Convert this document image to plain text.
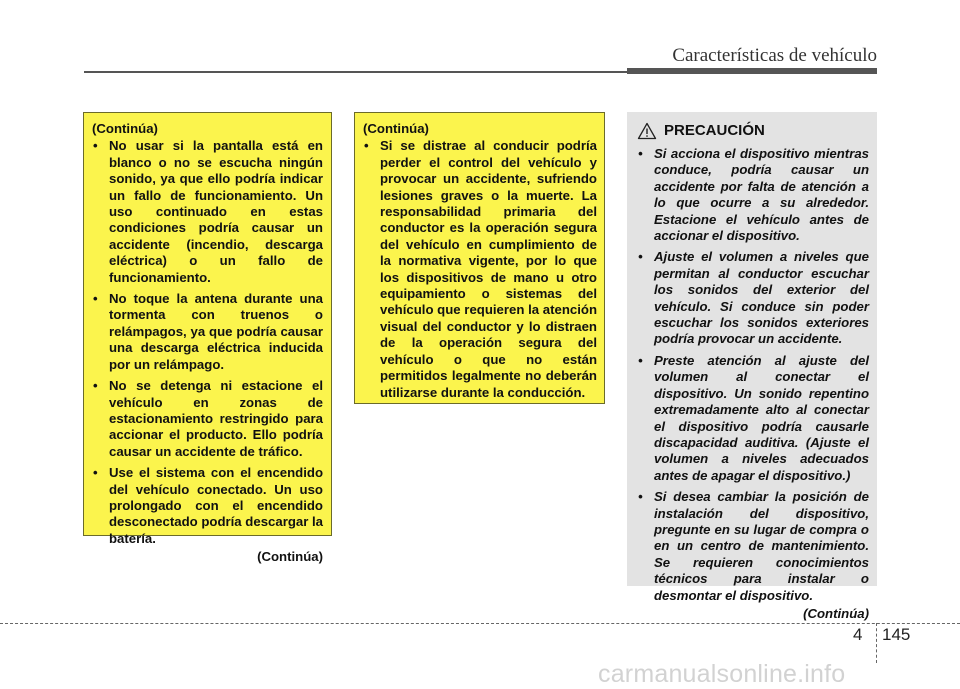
Características de vehículo
(Continúa)
• No usar si la pantalla está en blanco o no se escucha ningún sonido, ya que ello podría indicar un fallo de funcionamiento. Un uso continuado en estas condiciones podría causar un accidente (incendio, descarga eléctrica) o un fallo de funcionamiento.
• No toque la antena durante una tormenta con truenos o relámpagos, ya que podría causar una descarga eléctrica inducida por un relámpago.
• No se detenga ni estacione el vehículo en zonas de estacionamiento restringido para accionar el producto. Ello podría causar un accidente de tráfico.
• Use el sistema con el encendido del vehículo conectado. Un uso prolongado con el encendido desconectado podría descargar la batería.
(Continúa)
(Continúa)
• Si se distrae al conducir podría perder el control del vehículo y provocar un accidente, sufriendo lesiones graves o la muerte. La responsabilidad primaria del conductor es la operación segura del vehículo en cumplimiento de la normativa vigente, por lo que los dispositivos de mano u otro equipamiento o sistemas del vehículo que requieren la atención visual del conductor y lo distraen de la operación segura del vehículo o que no están permitidos legalmente no deberán utilizarse durante la conducción.
PRECAUCIÓN
• Si acciona el dispositivo mientras conduce, podría causar un accidente por falta de atención a lo que ocurre a su alrededor. Estacione el vehículo antes de accionar el dispositivo.
• Ajuste el volumen a niveles que permitan al conductor escuchar los sonidos del exterior del vehículo. Si conduce sin poder escuchar los sonidos exteriores podría provocar un accidente.
• Preste atención al ajuste del volumen al conectar el dispositivo. Un sonido repentino extremadamente alto al conectar el dispositivo podría causarle discapacidad auditiva. (Ajuste el volumen a niveles adecuados antes de apagar el dispositivo.)
• Si desea cambiar la posición de instalación del dispositivo, pregunte en su lugar de compra o en un centro de mantenimiento. Se requieren conocimientos técnicos para instalar o desmontar el dispositivo.
(Continúa)
4 145
carmanualsonline.info
